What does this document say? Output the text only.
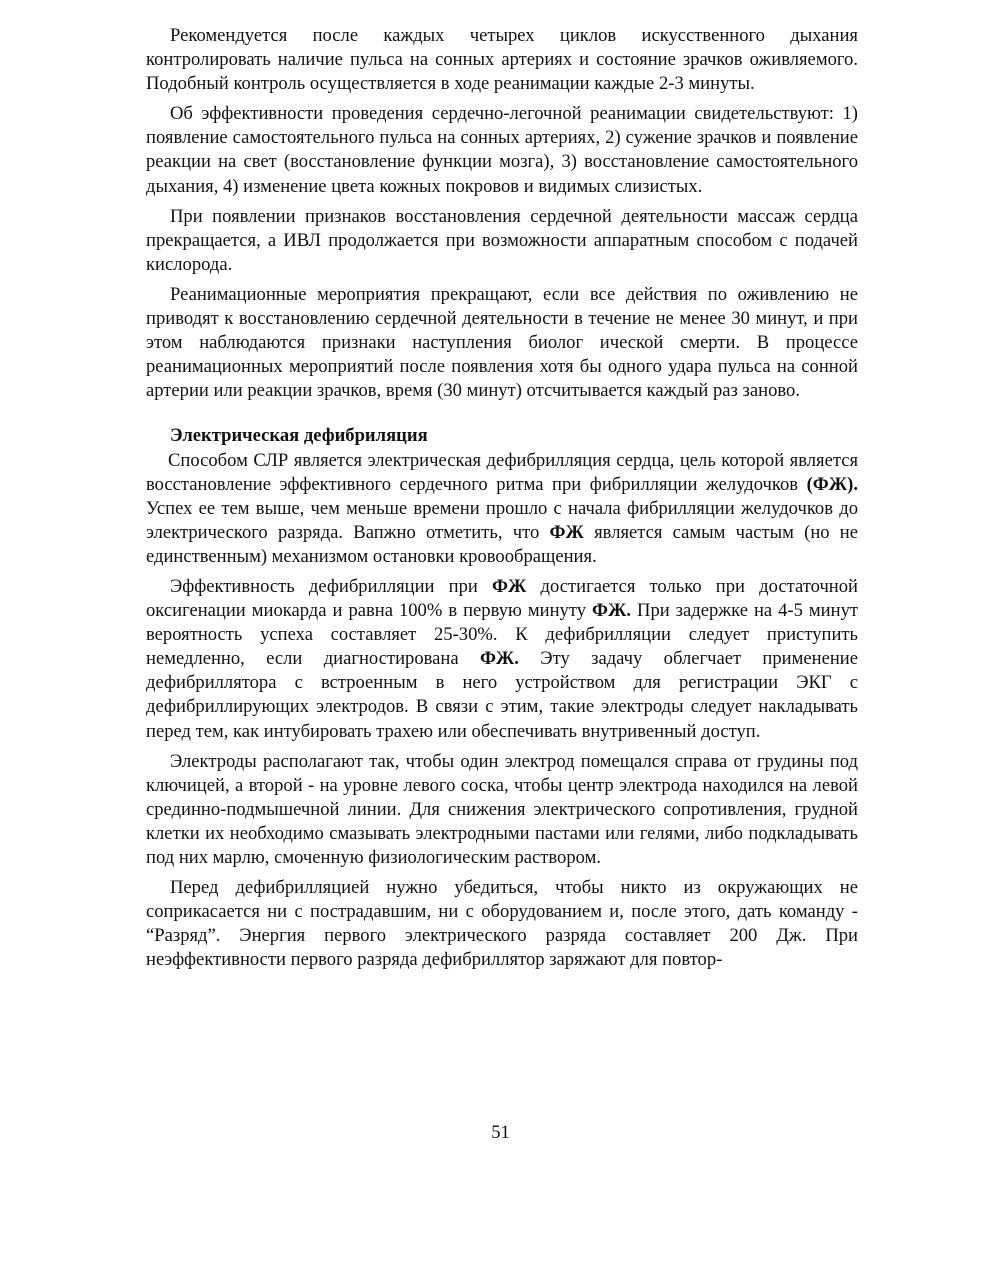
Рекомендуется после каждых четырех циклов искусственного дыхания контролировать наличие пульса на сонных артериях и состояние зрачков оживляемого. Подобный контроль осуществляется в ходе реанимации каждые 2-3 минуты.

Об эффективности проведения сердечно-легочной реанимации свидетельствуют: 1) появление самостоятельного пульса на сонных артериях, 2) сужение зрачков и появление реакции на свет (восстановление функции мозга), 3) восстановление самостоятельного дыхания, 4) изменение цвета кожных покровов и видимых слизистых.

При появлении признаков восстановления сердечной деятельности массаж сердца прекращается, а ИВЛ продолжается при возможности аппаратным способом с подачей кислорода.

Реанимационные мероприятия прекращают, если все действия по оживлению не приводят к восстановлению сердечной деятельности в течение не менее 30 минут, и при этом наблюдаются признаки наступления биолог ической смерти. В процессе реанимационных мероприятий после появления хотя бы одного удара пульса на сонной артерии или реакции зрачков, время (30 минут) отсчитывается каждый раз заново.

Электрическая дефибриляция

Способом СЛР является электрическая дефибрилляция сердца, цель которой является восстановление эффективного сердечного ритма при фибрилляции желудочков (ФЖ). Успех ее тем выше, чем меньше времени прошло с начала фибрилляции желудочков до электрического разряда. Вапжно отметить, что ФЖ является самым частым (но не единственным) механизмом остановки кровообращения.

Эффективность дефибрилляции при ФЖ достигается только при достаточной оксигенации миокарда и равна 100% в первую минуту ФЖ. При задержке на 4-5 минут вероятность успеха составляет 25-30%. К дефибрилляции следует приступить немедленно, если диагностирована ФЖ. Эту задачу облегчает применение дефибриллятора с встроенным в него устройством для регистрации ЭКГ с дефибриллирующих электродов. В связи с этим, такие электроды следует накладывать перед тем, как интубировать трахею или обеспечивать внутривенный доступ.

Электроды располагают так, чтобы один электрод помещался справа от грудины под ключицей, а второй - на уровне левого соска, чтобы центр электрода находился на левой срединно-подмышечной линии. Для снижения электрического сопротивления, грудной клетки их необходимо смазывать электродными пастами или гелями, либо подкладывать под них марлю, смоченную физиологическим раствором.

Перед дефибрилляцией нужно убедиться, чтобы никто из окружающих не соприкасается ни с пострадавшим, ни с оборудованием и, после этого, дать команду - “Разряд”. Энергия первого электрического разряда составляет 200 Дж. При неэффективности первого разряда дефибриллятор заряжают для повтор-

51
